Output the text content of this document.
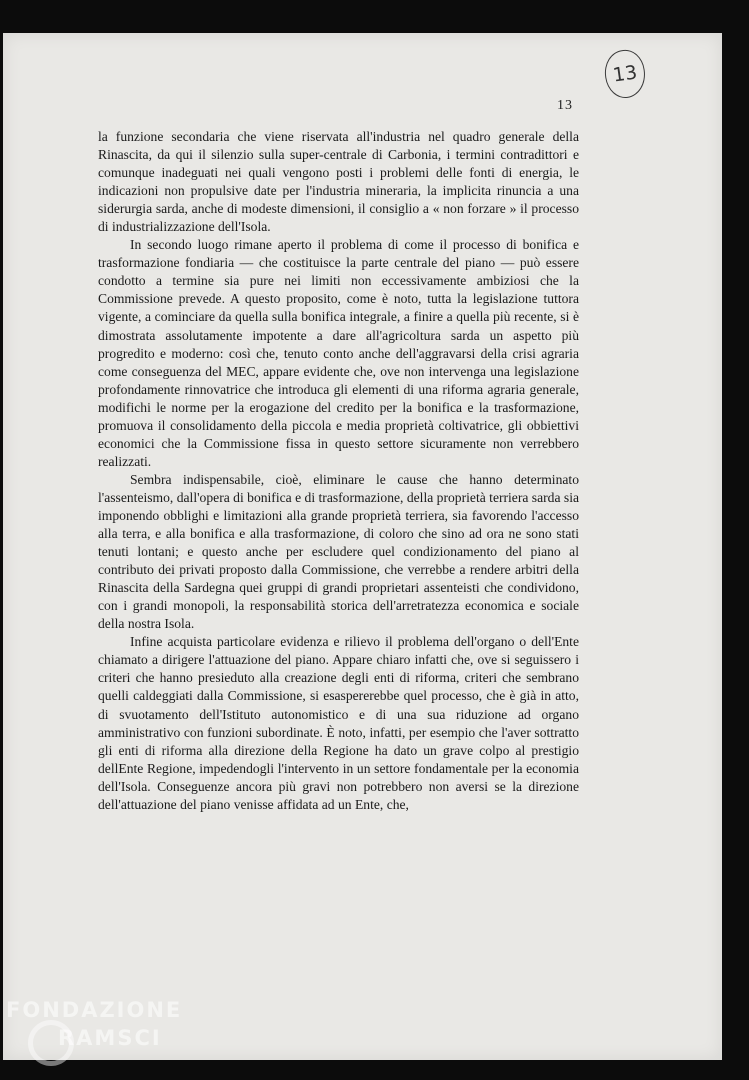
13
13

la funzione secondaria che viene riservata all'industria nel quadro generale della Rinascita, da qui il silenzio sulla super-centrale di Carbonia, i termini contradittori e comunque inadeguati nei quali vengono posti i problemi delle fonti di energia, le indicazioni non propulsive date per l'industria mineraria, la implicita rinuncia a una siderurgia sarda, anche di modeste dimensioni, il consiglio a « non forzare » il processo di industrializzazione dell'Isola.

In secondo luogo rimane aperto il problema di come il processo di bonifica e trasformazione fondiaria — che costituisce la parte centrale del piano — può essere condotto a termine sia pure nei limiti non eccessivamente ambiziosi che la Commissione prevede. A questo proposito, come è noto, tutta la legislazione tuttora vigente, a cominciare da quella sulla bonifica integrale, a finire a quella più recente, si è dimostrata assolutamente impotente a dare all'agricoltura sarda un aspetto più progredito e moderno: così che, tenuto conto anche dell'aggravarsi della crisi agraria come conseguenza del MEC, appare evidente che, ove non intervenga una legislazione profondamente rinnovatrice che introduca gli elementi di una riforma agraria generale, modifichi le norme per la erogazione del credito per la bonifica e la trasformazione, promuova il consolidamento della piccola e media proprietà coltivatrice, gli obbiettivi economici che la Commissione fissa in questo settore sicuramente non verrebbero realizzati.

Sembra indispensabile, cioè, eliminare le cause che hanno determinato l'assenteismo, dall'opera di bonifica e di trasformazione, della proprietà terriera sarda sia imponendo obblighi e limitazioni alla grande proprietà terriera, sia favorendo l'accesso alla terra, e alla bonifica e alla trasformazione, di coloro che sino ad ora ne sono stati tenuti lontani; e questo anche per escludere quel condizionamento del piano al contributo dei privati proposto dalla Commissione, che verrebbe a rendere arbitri della Rinascita della Sardegna quei gruppi di grandi proprietari assenteisti che condividono, con i grandi monopoli, la responsabilità storica dell'arretratezza economica e sociale della nostra Isola.

Infine acquista particolare evidenza e rilievo il problema dell'organo o dell'Ente chiamato a dirigere l'attuazione del piano. Appare chiaro infatti che, ove si seguissero i criteri che hanno presieduto alla creazione degli enti di riforma, criteri che sembrano quelli caldeggiati dalla Commissione, si esaspererebbe quel processo, che è già in atto, di svuotamento dell'Istituto autonomistico e di una sua riduzione ad organo amministrativo con funzioni subordinate. È noto, infatti, per esempio che l'aver sottratto gli enti di riforma alla direzione della Regione ha dato un grave colpo al prestigio dellEnte Regione, impedendogli l'intervento in un settore fondamentale per la economia dell'Isola. Conseguenze ancora più gravi non potrebbero non aversi se la direzione dell'attuazione del piano venisse affidata ad un Ente, che,

FONDAZIONE
RAMSCI
